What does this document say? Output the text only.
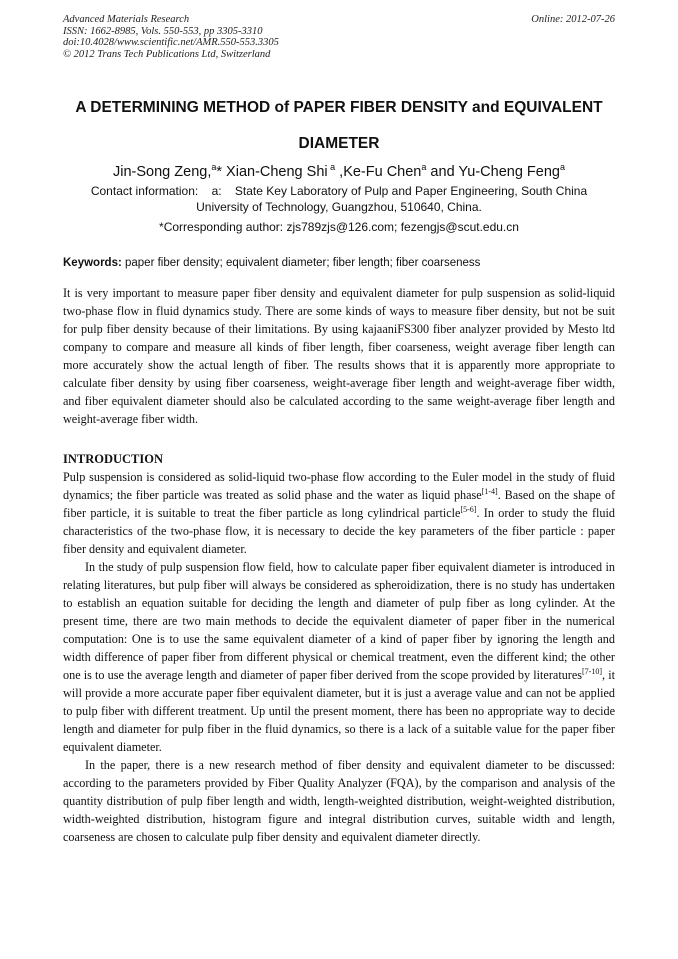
Advanced Materials Research
ISSN: 1662-8985, Vols. 550-553, pp 3305-3310
doi:10.4028/www.scientific.net/AMR.550-553.3305
© 2012 Trans Tech Publications Ltd, Switzerland
Online: 2012-07-26
A DETERMINING METHOD of PAPER FIBER DENSITY and EQUIVALENT
DIAMETER
Jin-Song Zeng,$^a$* Xian-Cheng Shi $^a$ ,Ke-Fu Chen$^a$ and Yu-Cheng Feng$^a$
Contact information:    a:    State Key Laboratory of Pulp and Paper Engineering, South China
University of Technology, Guangzhou, 510640, China.
*Corresponding author: zjs789zjs@126.com; fezengjs@scut.edu.cn
Keywords: paper fiber density; equivalent diameter; fiber length; fiber coarseness

It is very important to measure paper fiber density and equivalent diameter for pulp suspension as solid-liquid two-phase flow in fluid dynamics study. There are some kinds of ways to measure fiber density, but not be suit for pulp fiber density because of their limitations. By using kajaaniFS300 fiber analyzer provided by Mesto ltd company to compare and measure all kinds of fiber length, fiber coarseness, weight average fiber length can more accurately show the actual length of fiber. The results shows that it is apparently more appropriate to calculate fiber density by using fiber coarseness, weight-average fiber length and weight-average fiber width, and fiber equivalent diameter should also be calculated according to the same weight-average fiber length and weight-average fiber width.

INTRODUCTION

Pulp suspension is considered as solid-liquid two-phase flow according to the Euler model in the study of fluid dynamics; the fiber particle was treated as solid phase and the water as liquid phase[1-4]. Based on the shape of fiber particle, it is suitable to treat the fiber particle as long cylindrical particle[5-6]. In order to study the fluid characteristics of the two-phase flow, it is necessary to decide the key parameters of the fiber particle : paper fiber density and equivalent diameter.

In the study of pulp suspension flow field, how to calculate paper fiber equivalent diameter is introduced in relating literatures, but pulp fiber will always be considered as spheroidization, there is no study has undertaken to establish an equation suitable for deciding the length and diameter of pulp fiber as long cylinder. At the present time, there are two main methods to decide the equivalent diameter of paper fiber in the numerical computation: One is to use the same equivalent diameter of a kind of paper fiber by ignoring the length and width difference of paper fiber from different physical or chemical treatment, even the different kind; the other one is to use the average length and diameter of paper fiber derived from the scope provided by literatures[7-10], it will provide a more accurate paper fiber equivalent diameter, but it is just a average value and can not be applied to pulp fiber with different treatment. Up until the present moment, there has been no appropriate way to decide length and diameter for pulp fiber in the fluid dynamics, so there is a lack of a suitable value for the paper fiber equivalent diameter.

In the paper, there is a new research method of fiber density and equivalent diameter to be discussed: according to the parameters provided by Fiber Quality Analyzer (FQA), by the comparison and analysis of the quantity distribution of pulp fiber length and width, length-weighted distribution, weight-weighted distribution, width-weighted distribution, histogram figure and integral distribution curves, suitable width and length, coarseness are chosen to calculate pulp fiber density and equivalent diameter directly.
